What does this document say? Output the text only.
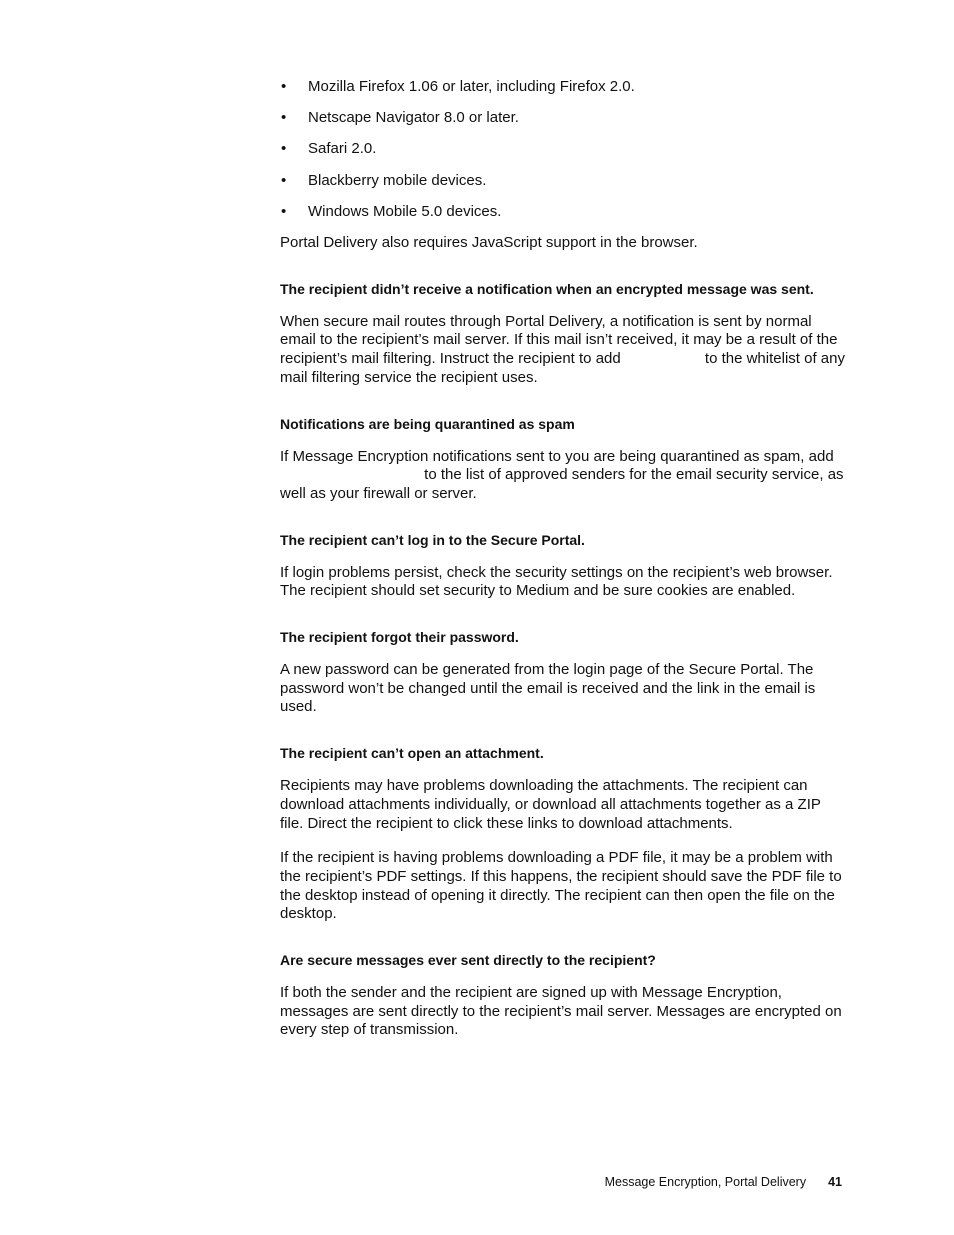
• Mozilla Firefox 1.06 or later, including Firefox 2.0.
• Netscape Navigator 8.0 or later.
• Safari 2.0.
• Blackberry mobile devices.
• Windows Mobile 5.0 devices.

Portal Delivery also requires JavaScript support in the browser.

The recipient didn’t receive a notification when an encrypted message was sent.

When secure mail routes through Portal Delivery, a notification is sent by normal email to the recipient’s mail server. If this mail isn’t received, it may be a result of the recipient’s mail filtering. Instruct the recipient to add	to the whitelist of any mail filtering service the recipient uses.

Notifications are being quarantined as spam

If Message Encryption notifications sent to you are being quarantined as spam, add to the list of approved senders for the email security service, as well as your firewall or server.

The recipient can’t log in to the Secure Portal.

If login problems persist, check the security settings on the recipient’s web browser. The recipient should set security to Medium and be sure cookies are enabled.

The recipient forgot their password.

A new password can be generated from the login page of the Secure Portal. The password won’t be changed until the email is received and the link in the email is used.

The recipient can’t open an attachment.

Recipients may have problems downloading the attachments. The recipient can download attachments individually, or download all attachments together as a ZIP file. Direct the recipient to click these links to download attachments.

If the recipient is having problems downloading a PDF file, it may be a problem with the recipient’s PDF settings. If this happens, the recipient should save the PDF file to the desktop instead of opening it directly. The recipient can then open the file on the desktop.

Are secure messages ever sent directly to the recipient?

If both the sender and the recipient are signed up with Message Encryption, messages are sent directly to the recipient’s mail server. Messages are encrypted on every step of transmission.

Message Encryption, Portal Delivery 41
